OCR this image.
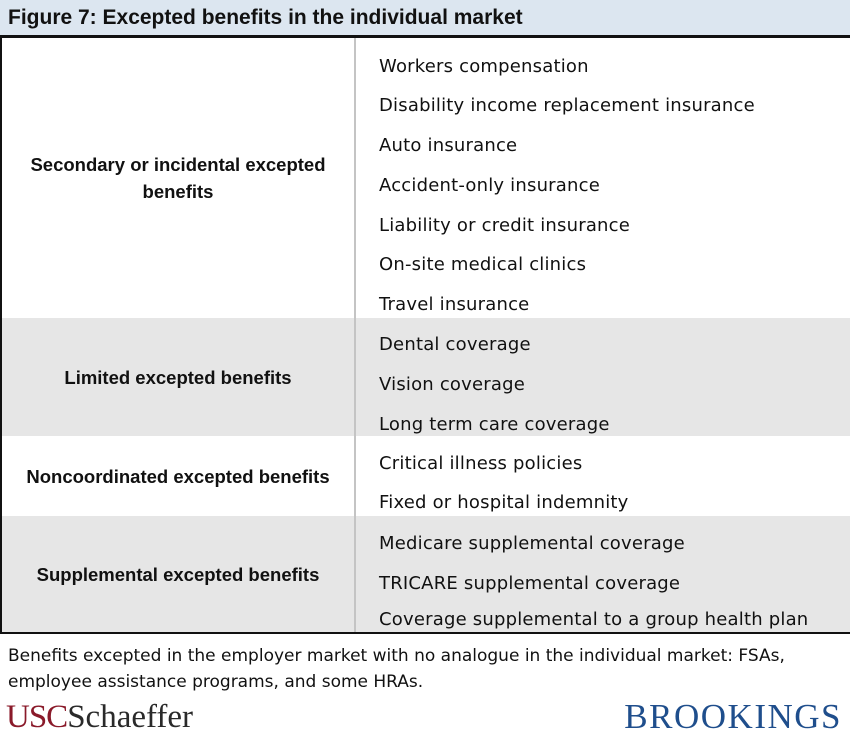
Figure 7: Excepted benefits in the individual market
Secondary or incidental excepted benefits
Workers compensation
Disability income replacement insurance
Auto insurance
Accident-only insurance
Liability or credit insurance
On-site medical clinics
Travel insurance
Limited excepted benefits
Dental coverage
Vision coverage
Long term care coverage
Noncoordinated excepted benefits
Critical illness policies
Fixed or hospital indemnity
Supplemental excepted benefits
Medicare supplemental coverage
TRICARE supplemental coverage
Coverage supplemental to a group health plan
Benefits excepted in the employer market with no analogue in the individual market: FSAs, employee assistance programs, and some HRAs.
USCSchaeffer	BROOKINGS
